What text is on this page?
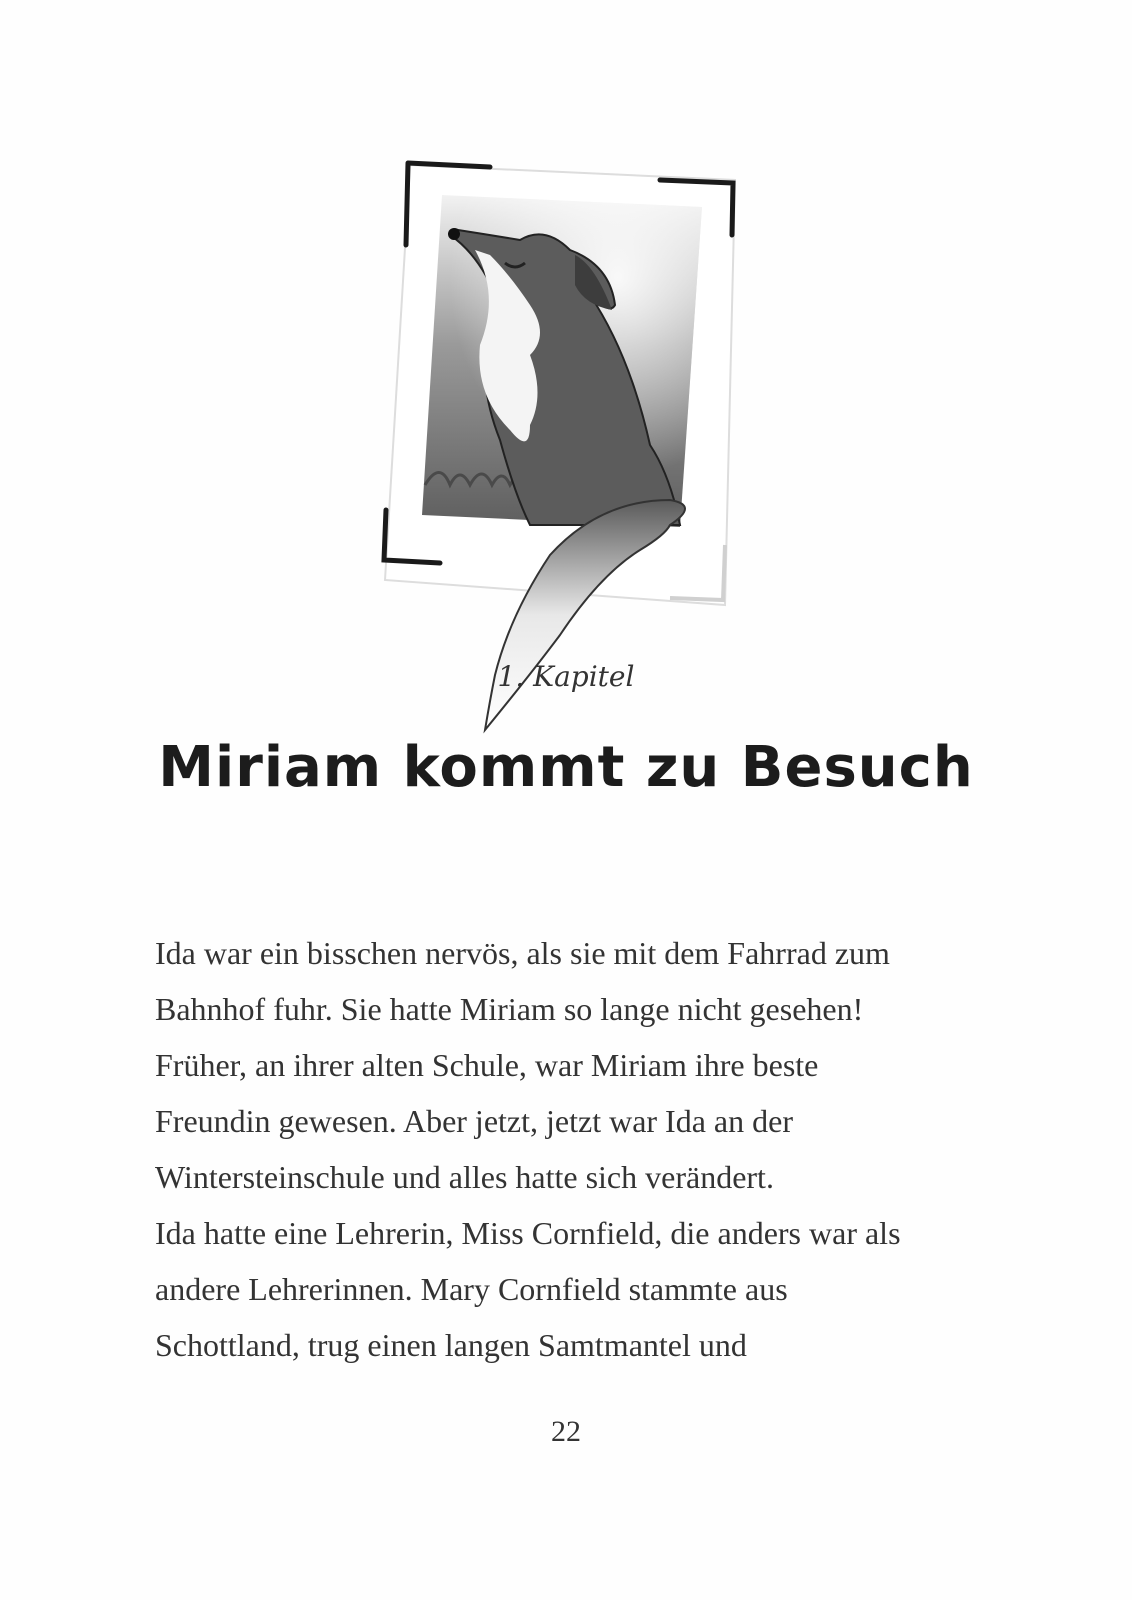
1. Kapitel

Miriam kommt zu Besuch

Ida war ein bisschen nervös, als sie mit dem Fahrrad zum
Bahnhof fuhr. Sie hatte Miriam so lange nicht gesehen!
Früher, an ihrer alten Schule, war Miriam ihre beste
Freundin gewesen. Aber jetzt, jetzt war Ida an der
Wintersteinschule und alles hatte sich verändert.
Ida hatte eine Lehrerin, Miss Cornfield, die anders war als
andere Lehrerinnen. Mary Cornfield stammte aus
Schottland, trug einen langen Samtmantel und

22
